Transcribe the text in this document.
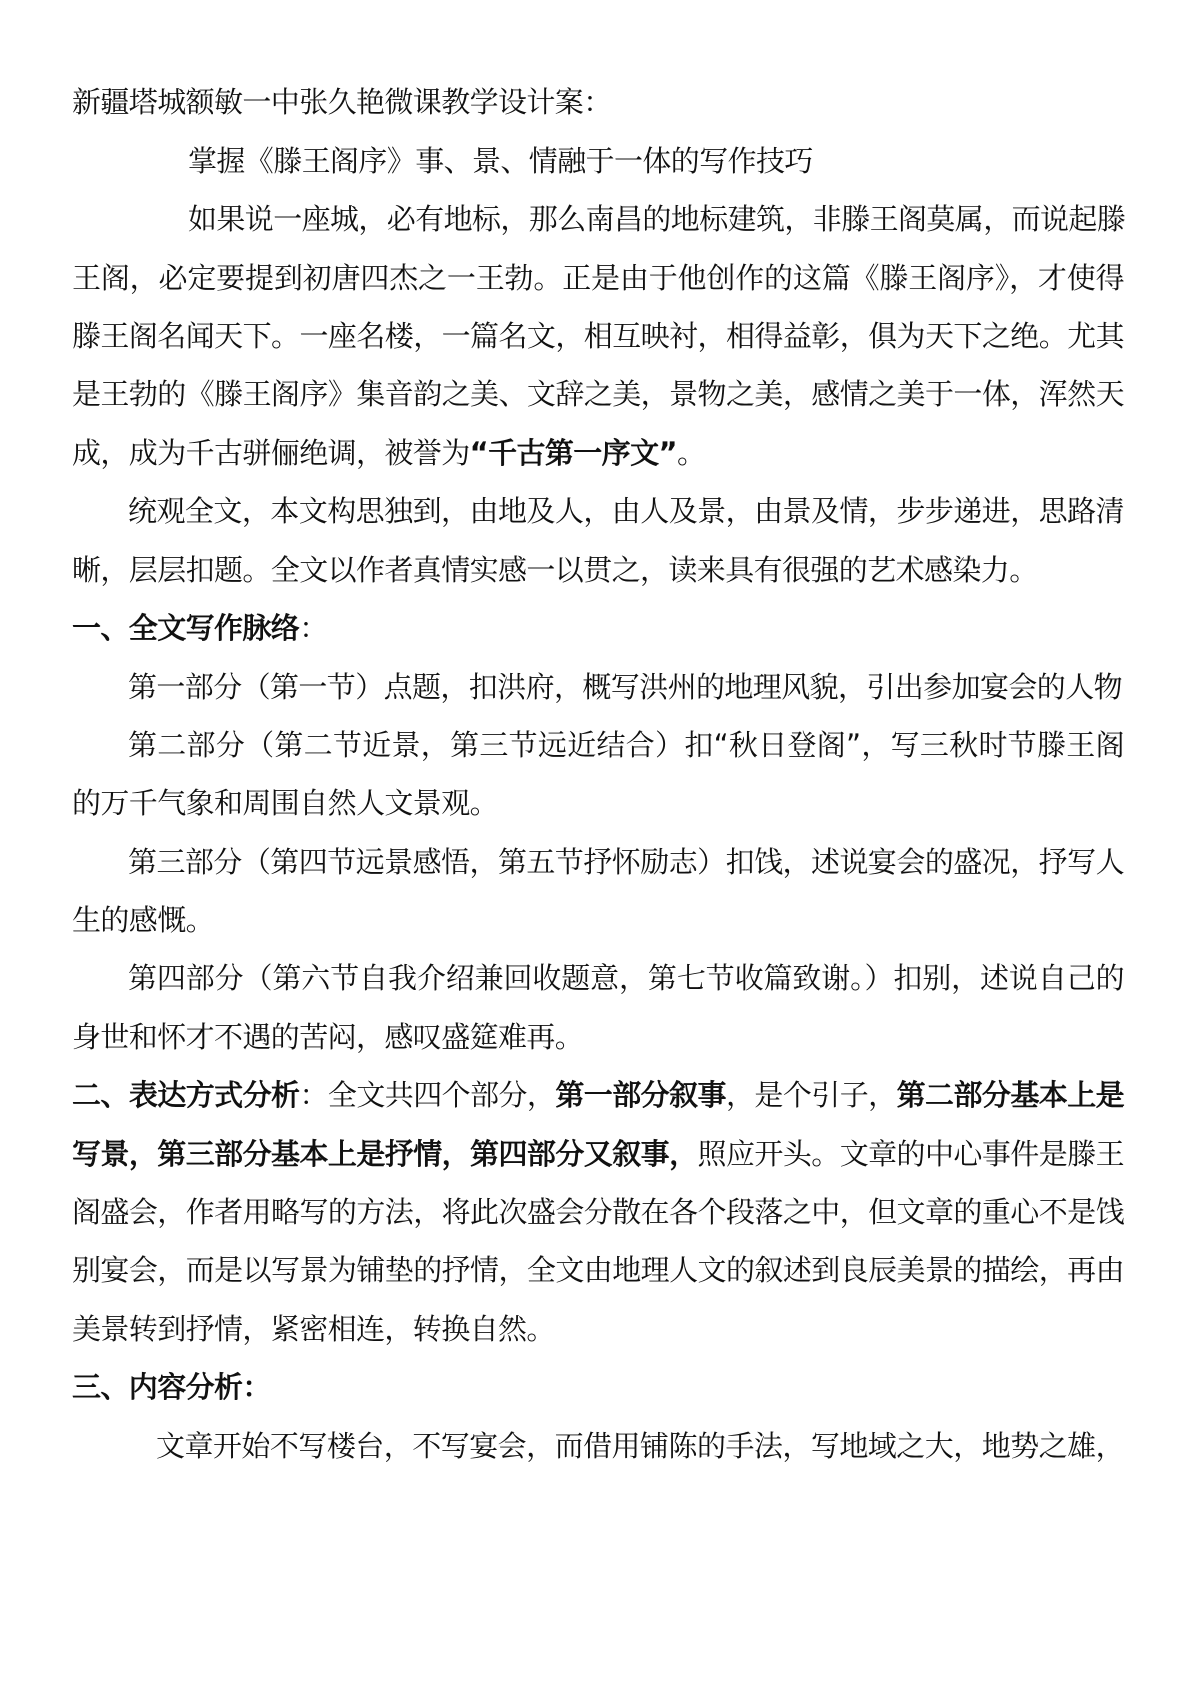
新疆塔城额敏一中张久艳微课教学设计案：
掌握《滕王阁序》事、景、情融于一体的写作技巧
如果说一座城，必有地标，那么南昌的地标建筑，非滕王阁莫属，而说起滕
王阁，必定要提到初唐四杰之一王勃。正是由于他创作的这篇《滕王阁序》，才使得
滕王阁名闻天下。一座名楼，一篇名文，相互映衬，相得益彰，俱为天下之绝。尤其
是王勃的《滕王阁序》集音韵之美、文辞之美，景物之美，感情之美于一体，浑然天
成，成为千古骈俪绝调，被誉为“千古第一序文”。
统观全文，本文构思独到，由地及人，由人及景，由景及情，步步递进，思路清
晰，层层扣题。全文以作者真情实感一以贯之，读来具有很强的艺术感染力。
一、全文写作脉络：
第一部分（第一节）点题，扣洪府，概写洪州的地理风貌，引出参加宴会的人物
第二部分（第二节近景，第三节远近结合）扣“秋日登阁”，写三秋时节滕王阁
的万千气象和周围自然人文景观。
第三部分（第四节远景感悟，第五节抒怀励志）扣饯，述说宴会的盛况，抒写人
生的感慨。
第四部分（第六节自我介绍兼回收题意，第七节收篇致谢。）扣别，述说自己的
身世和怀才不遇的苦闷，感叹盛筵难再。
二、表达方式分析：全文共四个部分，第一部分叙事，是个引子，第二部分基本上是
写景，第三部分基本上是抒情，第四部分又叙事，照应开头。文章的中心事件是滕王
阁盛会，作者用略写的方法，将此次盛会分散在各个段落之中，但文章的重心不是饯
别宴会，而是以写景为铺垫的抒情，全文由地理人文的叙述到良辰美景的描绘，再由
美景转到抒情，紧密相连，转换自然。
三、内容分析：
文章开始不写楼台，不写宴会，而借用铺陈的手法，写地域之大，地势之雄，
